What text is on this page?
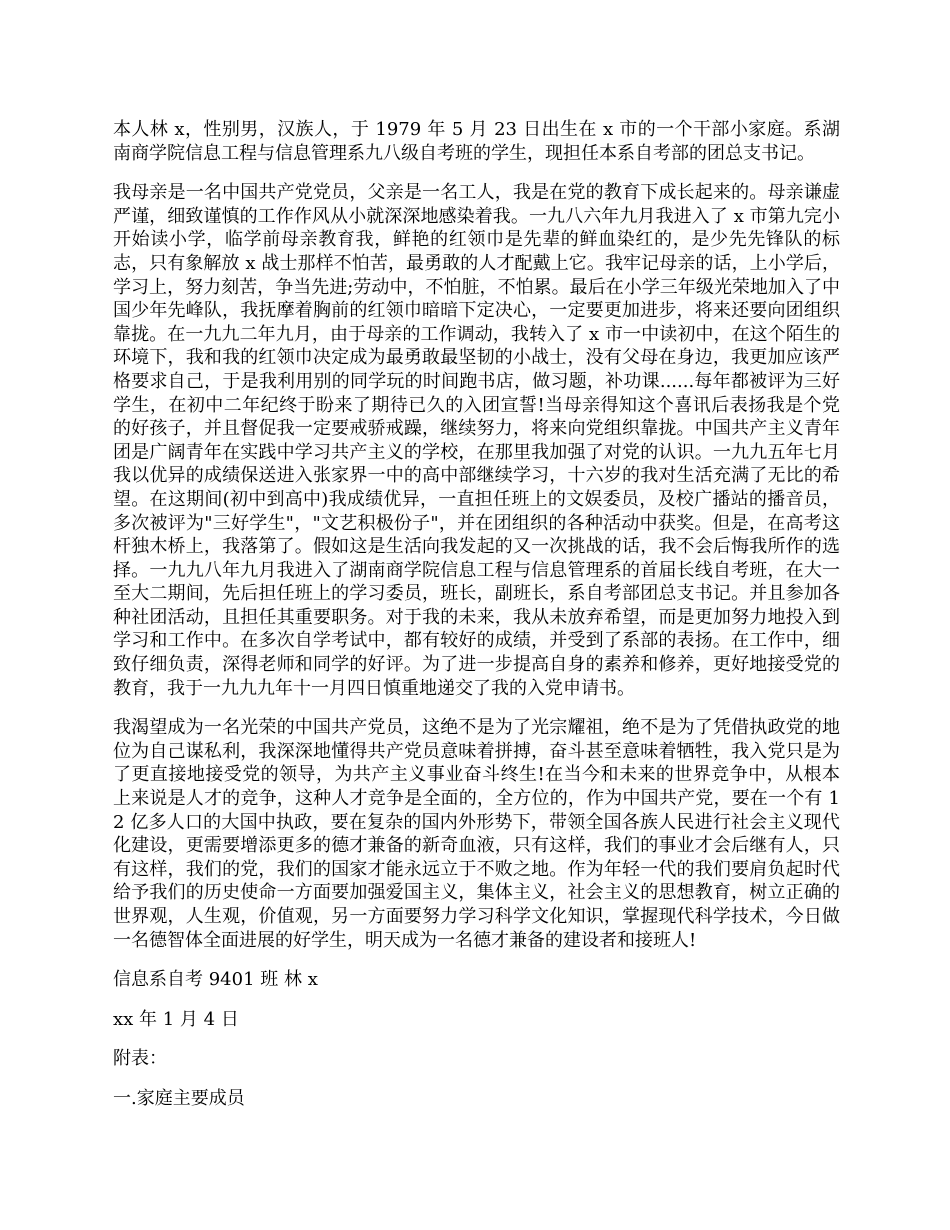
本人林 x，性别男，汉族人，于 1979 年 5 月 23 日出生在 x 市的一个干部小家庭。系湖南商学院信息工程与信息管理系九八级自考班的学生，现担任本系自考部的团总支书记。

我母亲是一名中国共产党党员，父亲是一名工人，我是在党的教育下成长起来的。母亲谦虚严谨，细致谨慎的工作作风从小就深深地感染着我。一九八六年九月我进入了 x 市第九完小开始读小学，临学前母亲教育我，鲜艳的红领巾是先辈的鲜血染红的，是少先先锋队的标志，只有象解放 x 战士那样不怕苦，最勇敢的人才配戴上它。我牢记母亲的话，上小学后，学习上，努力刻苦，争当先进;劳动中，不怕脏，不怕累。最后在小学三年级光荣地加入了中国少年先峰队，我抚摩着胸前的红领巾暗暗下定决心，一定要更加进步，将来还要向团组织靠拢。在一九九二年九月，由于母亲的工作调动，我转入了 x 市一中读初中，在这个陌生的环境下，我和我的红领巾决定成为最勇敢最坚韧的小战士，没有父母在身边，我更加应该严格要求自己，于是我利用别的同学玩的时间跑书店，做习题，补功课......每年都被评为三好学生，在初中二年纪终于盼来了期待已久的入团宣誓!当母亲得知这个喜讯后表扬我是个党的好孩子，并且督促我一定要戒骄戒躁，继续努力，将来向党组织靠拢。中国共产主义青年团是广阔青年在实践中学习共产主义的学校，在那里我加强了对党的认识。一九九五年七月我以优异的成绩保送进入张家界一中的高中部继续学习，十六岁的我对生活充满了无比的希望。在这期间(初中到高中)我成绩优异，一直担任班上的文娱委员，及校广播站的播音员，多次被评为"三好学生"，"文艺积极份子"，并在团组织的各种活动中获奖。但是，在高考这杆独木桥上，我落第了。假如这是生活向我发起的又一次挑战的话，我不会后悔我所作的选择。一九九八年九月我进入了湖南商学院信息工程与信息管理系的首届长线自考班，在大一至大二期间，先后担任班上的学习委员，班长，副班长，系自考部团总支书记。并且参加各种社团活动，且担任其重要职务。对于我的未来，我从未放弃希望，而是更加努力地投入到学习和工作中。在多次自学考试中，都有较好的成绩，并受到了系部的表扬。在工作中，细致仔细负责，深得老师和同学的好评。为了进一步提高自身的素养和修养，更好地接受党的教育，我于一九九九年十一月四日慎重地递交了我的入党申请书。

我渴望成为一名光荣的中国共产党员，这绝不是为了光宗耀祖，绝不是为了凭借执政党的地位为自己谋私利，我深深地懂得共产党员意味着拼搏，奋斗甚至意味着牺牲，我入党只是为了更直接地接受党的领导，为共产主义事业奋斗终生!在当今和未来的世界竞争中，从根本上来说是人才的竞争，这种人才竞争是全面的，全方位的，作为中国共产党，要在一个有 12 亿多人口的大国中执政，要在复杂的国内外形势下，带领全国各族人民进行社会主义现代化建设，更需要增添更多的德才兼备的新奇血液，只有这样，我们的事业才会后继有人，只有这样，我们的党，我们的国家才能永远立于不败之地。作为年轻一代的我们要肩负起时代给予我们的历史使命一方面要加强爱国主义，集体主义，社会主义的思想教育，树立正确的世界观，人生观，价值观，另一方面要努力学习科学文化知识，掌握现代科学技术，今日做一名德智体全面进展的好学生，明天成为一名德才兼备的建设者和接班人!

信息系自考 9401 班 林 x

xx 年 1 月 4 日

附表：

一.家庭主要成员
